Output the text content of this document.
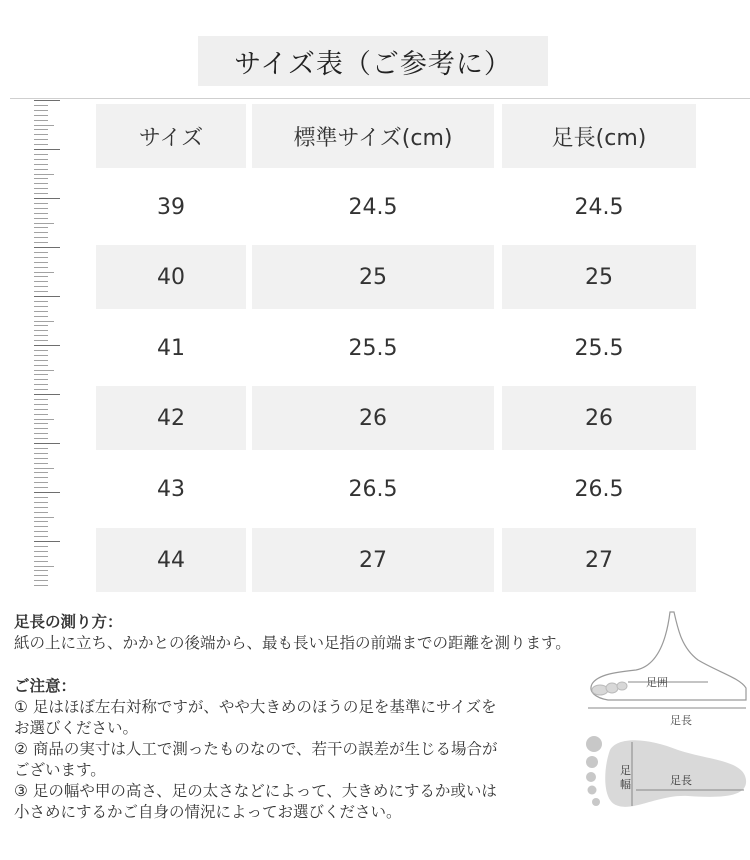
サイズ表（ご参考に）
サイズ	標準サイズ(cm)	足長(cm)
39	24.5	24.5
40	25	25
41	25.5	25.5
42	26	26
43	26.5	26.5
44	27	27
足長の測り方：
紙の上に立ち、かかとの後端から、最も長い足指の前端までの距離を測ります。
ご注意：
① 足はほぼ左右対称ですが、やや大きめのほうの足を基準にサイズを
お選びください。
② 商品の実寸は人工で測ったものなので、若干の誤差が生じる場合が
ございます。
③ 足の幅や甲の高さ、足の太さなどによって、大きめにするか或いは
小さめにするかご自身の情況によってお選びください。
足囲
足長
足
幅	足長
